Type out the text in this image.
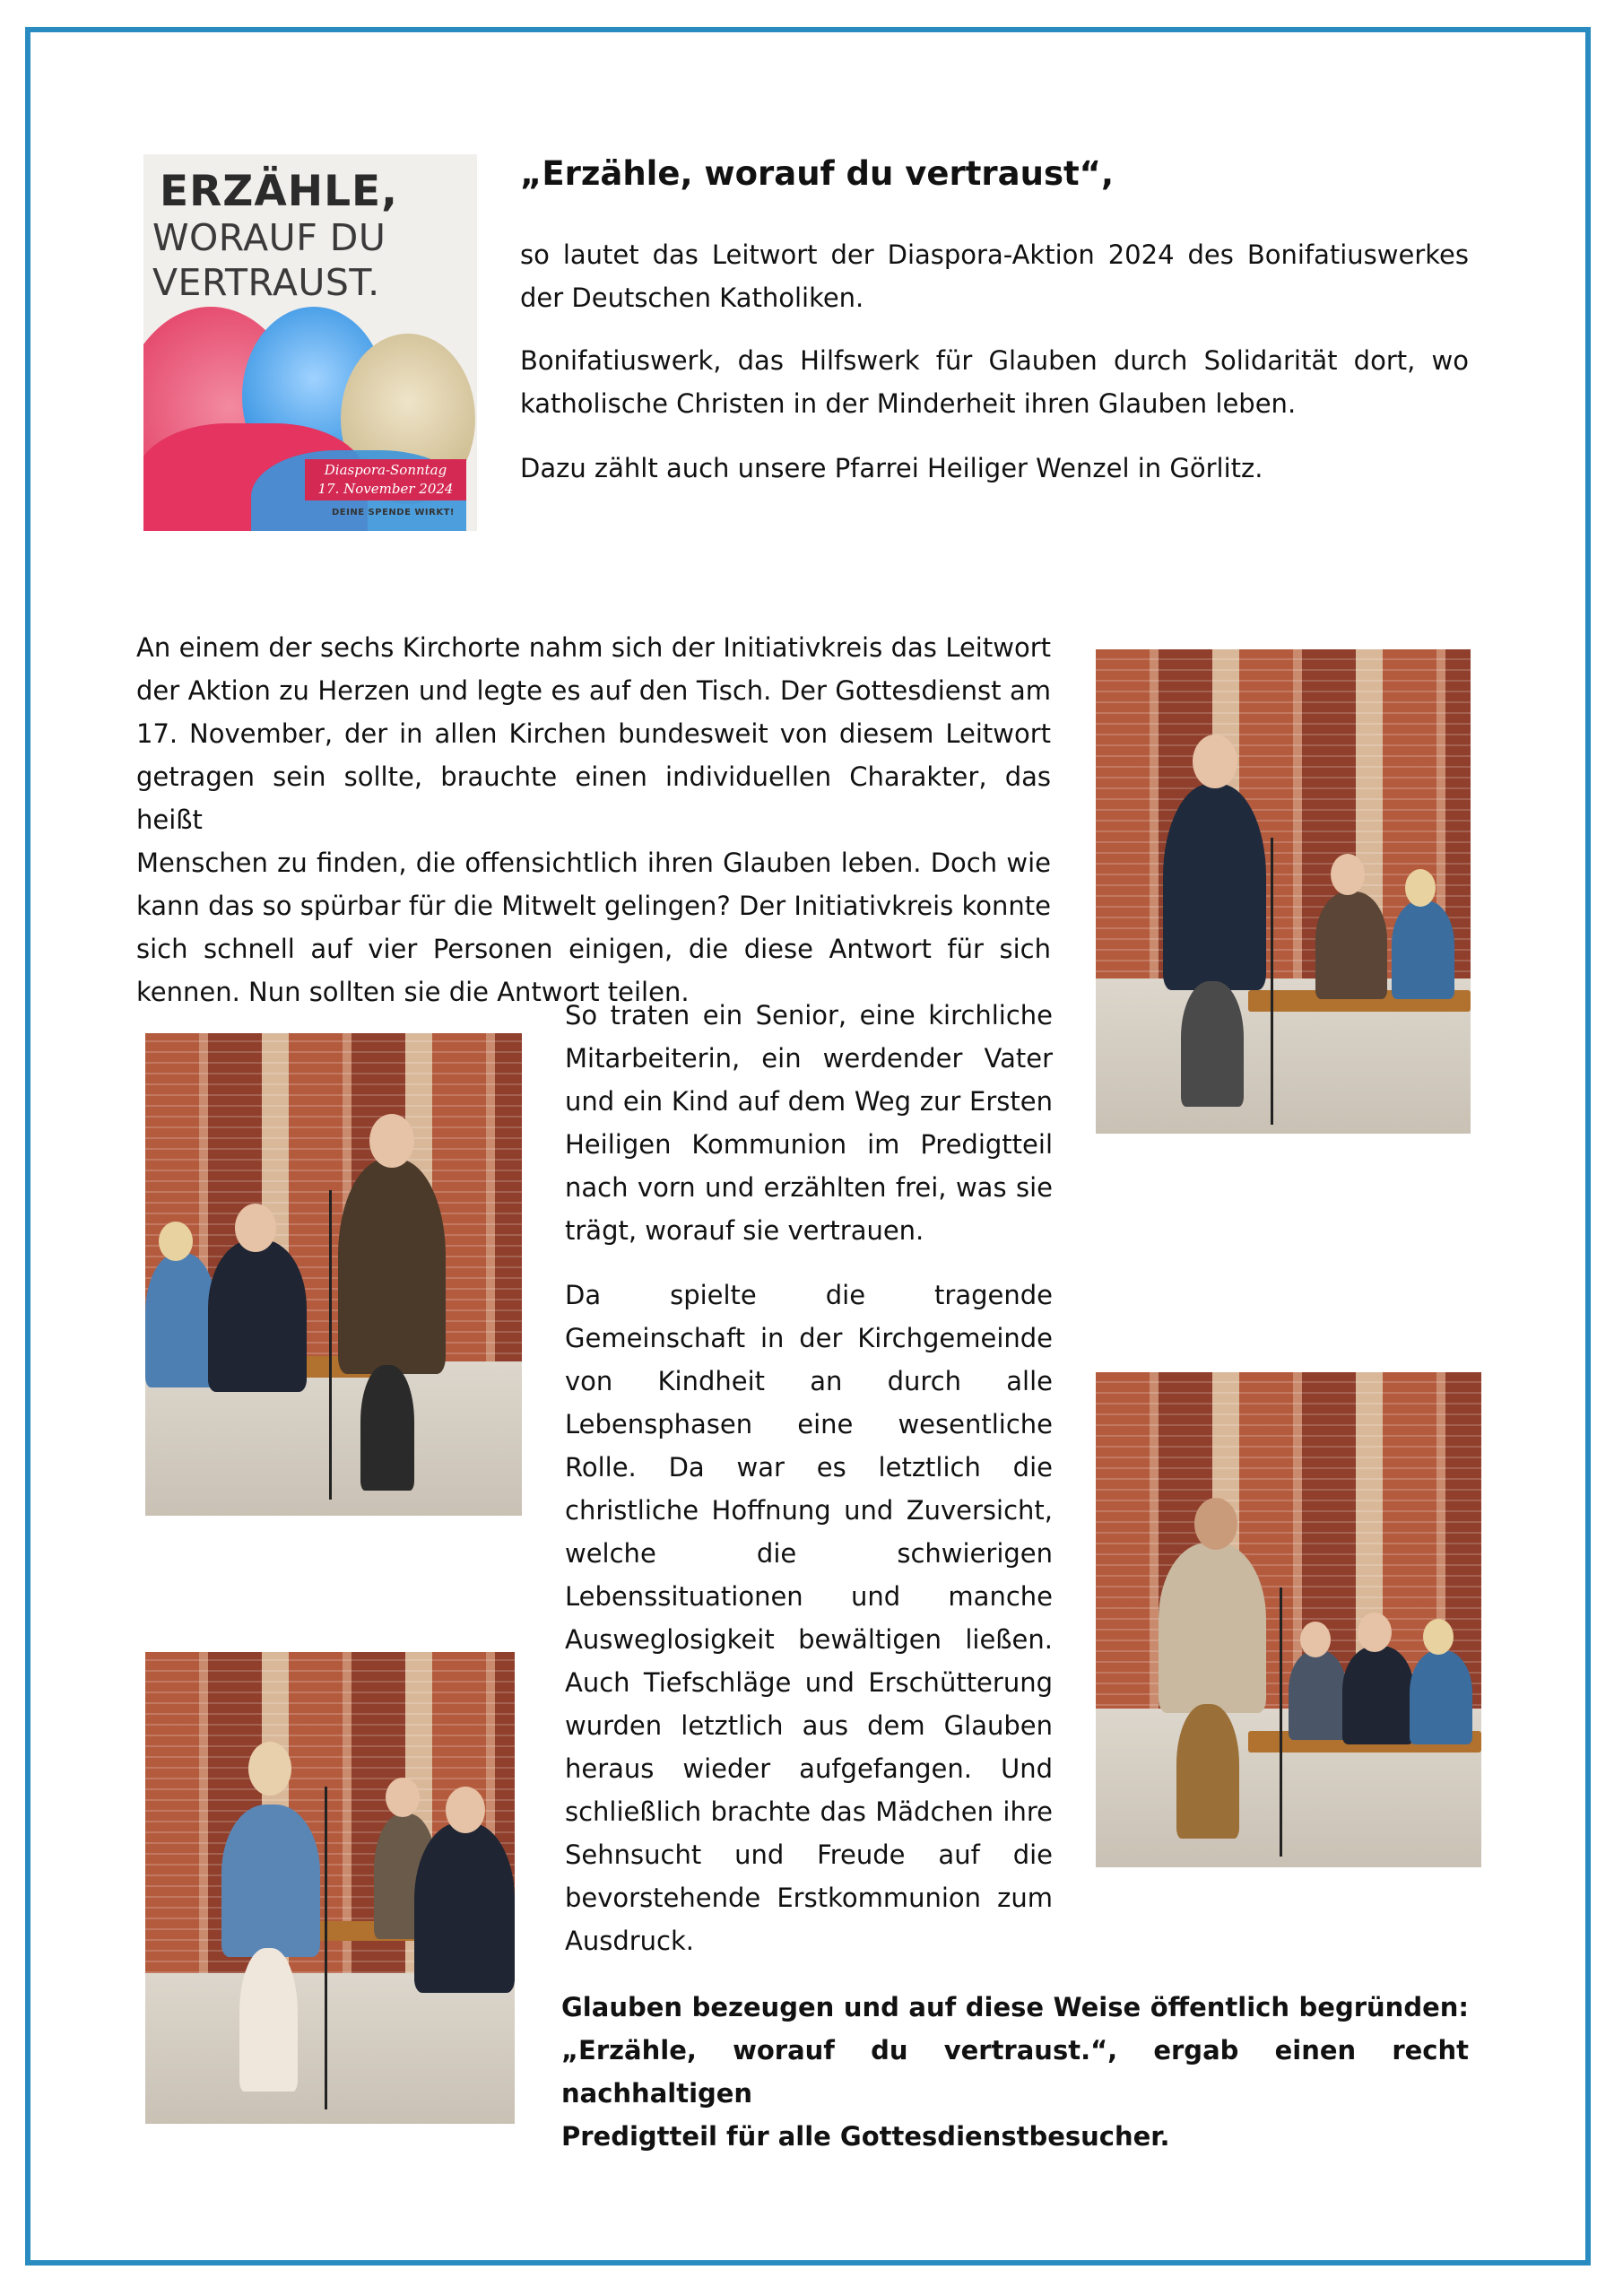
ERZÄHLE,
WORAUF DU
VERTRAUST.
Diaspora-Sonntag
17. November 2024
DEINE SPENDE WIRKT!
„Erzähle, worauf du vertraust“,
so lautet das Leitwort der Diaspora-Aktion 2024 des Bonifatiuswerkes
der Deutschen Katholiken.
Bonifatiuswerk, das Hilfswerk für Glauben durch Solidarität dort, wo
katholische Christen in der Minderheit ihren Glauben leben.
Dazu zählt auch unsere Pfarrei Heiliger Wenzel in Görlitz.
An einem der sechs Kirchorte nahm sich der Initiativkreis das Leitwort
der Aktion zu Herzen und legte es auf den Tisch. Der Gottesdienst am
17. November, der in allen Kirchen bundesweit von diesem Leitwort
getragen sein sollte, brauchte einen individuellen Charakter, das heißt
Menschen zu finden, die offensichtlich ihren Glauben leben. Doch wie
kann das so spürbar für die Mitwelt gelingen? Der Initiativkreis konnte
sich schnell auf vier Personen einigen, die diese Antwort für sich
kennen. Nun sollten sie die Antwort teilen.
So traten ein Senior, eine kirchliche
Mitarbeiterin, ein werdender Vater
und ein Kind auf dem Weg zur Ersten
Heiligen Kommunion im Predigtteil
nach vorn und erzählten frei, was sie
trägt, worauf sie vertrauen.
Da spielte die tragende
Gemeinschaft in der Kirchgemeinde
von Kindheit an durch alle
Lebensphasen eine wesentliche
Rolle. Da war es letztlich die
christliche Hoffnung und Zuversicht,
welche die schwierigen
Lebenssituationen und manche
Ausweglosigkeit bewältigen ließen.
Auch Tiefschläge und Erschütterung
wurden letztlich aus dem Glauben
heraus wieder aufgefangen. Und
schließlich brachte das Mädchen ihre
Sehnsucht und Freude auf die
bevorstehende Erstkommunion zum
Ausdruck.
Glauben bezeugen und auf diese Weise öffentlich begründen:
„Erzähle, worauf du vertraust.“, ergab einen recht nachhaltigen
Predigtteil für alle Gottesdienstbesucher.
